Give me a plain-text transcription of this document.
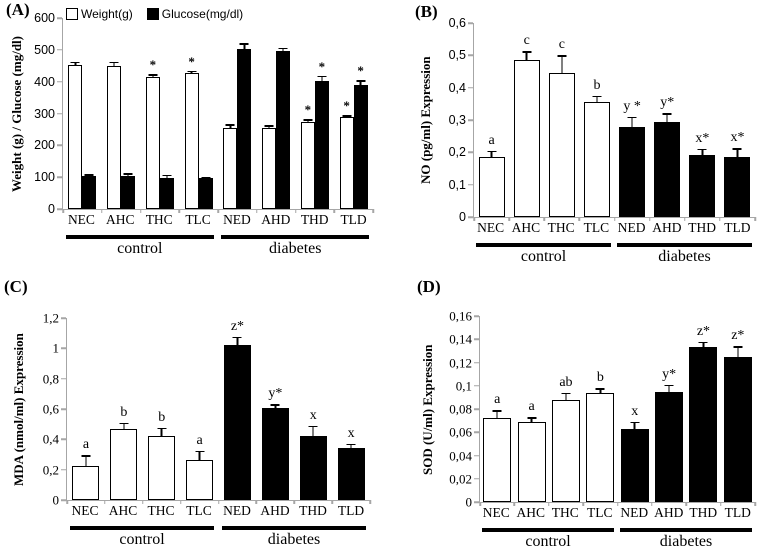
(A)
Weight (g) / Glucose (mg/dl)
Weight(g) Glucose(mg/dl)
600
500
400
300
200
100
0
* *
*
*
*
*
NEC AHC THC TLC NED AHD THD TLD
control	diabetes
(B)
NO (pg/ml) Expression
0,6
0,5
0,4
0,3
0,2
0,1
0
a
c c
b
y * y*
x* x*
NEC AHC THC TLC NED AHD THD TLD
control	diabetes
(C)
MDA (nmol/ml) Expression
1,2
1
0,8
0,6
0,4
0,2
0
a
b b
a
z*
y*
x
x
NEC AHC THC TLC NED AHD THD TLD
control	diabetes
(D)
SOD (U/ml) Expression
0,16
0,14
0,12
0,1
0,08
0,06
0,04
0,02
0
a a
ab b
x
y*
z* z*
NEC AHC THC TLC NED AHD THD TLD
control	diabetes
